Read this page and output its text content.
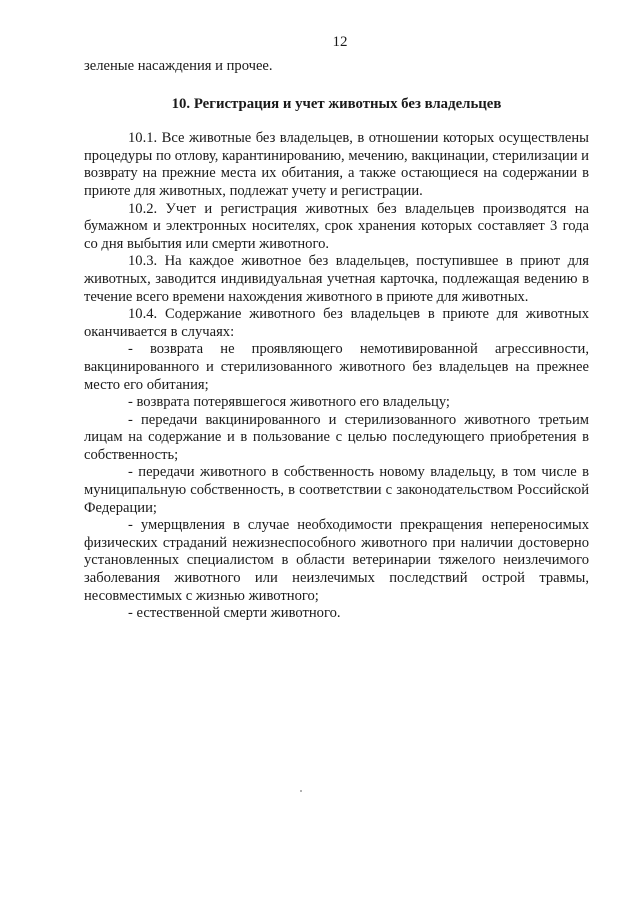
12

зеленые насаждения и прочее.

10. Регистрация и учет животных без владельцев

10.1. Все животные без владельцев, в отношении которых осуществлены процедуры по отлову, карантинированию, мечению, вакцинации, стерилизации и возврату на прежние места их обитания, а также остающиеся на содержании в приюте для животных, подлежат учету и регистрации.

10.2. Учет и регистрация животных без владельцев производятся на бумажном и электронных носителях, срок хранения которых составляет 3 года со дня выбытия или смерти животного.

10.3. На каждое животное без владельцев, поступившее в приют для животных, заводится индивидуальная учетная карточка, подлежащая ведению в течение всего времени нахождения животного в приюте для животных.

10.4. Содержание животного без владельцев в приюте для животных оканчивается в случаях:

- возврата не проявляющего немотивированной агрессивности, вакцинированного и стерилизованного животного без владельцев на прежнее место его обитания;

- возврата потерявшегося животного его владельцу;

- передачи вакцинированного и стерилизованного животного третьим лицам на содержание и в пользование с целью последующего приобретения в собственность;

- передачи животного в собственность новому владельцу, в том числе в муниципальную собственность, в соответствии с законодательством Российской Федерации;

- умерщвления в случае необходимости прекращения непереносимых физических страданий нежизнеспособного животного при наличии достоверно установленных специалистом в области ветеринарии тяжелого неизлечимого заболевания животного или неизлечимых последствий острой травмы, несовместимых с жизнью животного;

- естественной смерти животного.
